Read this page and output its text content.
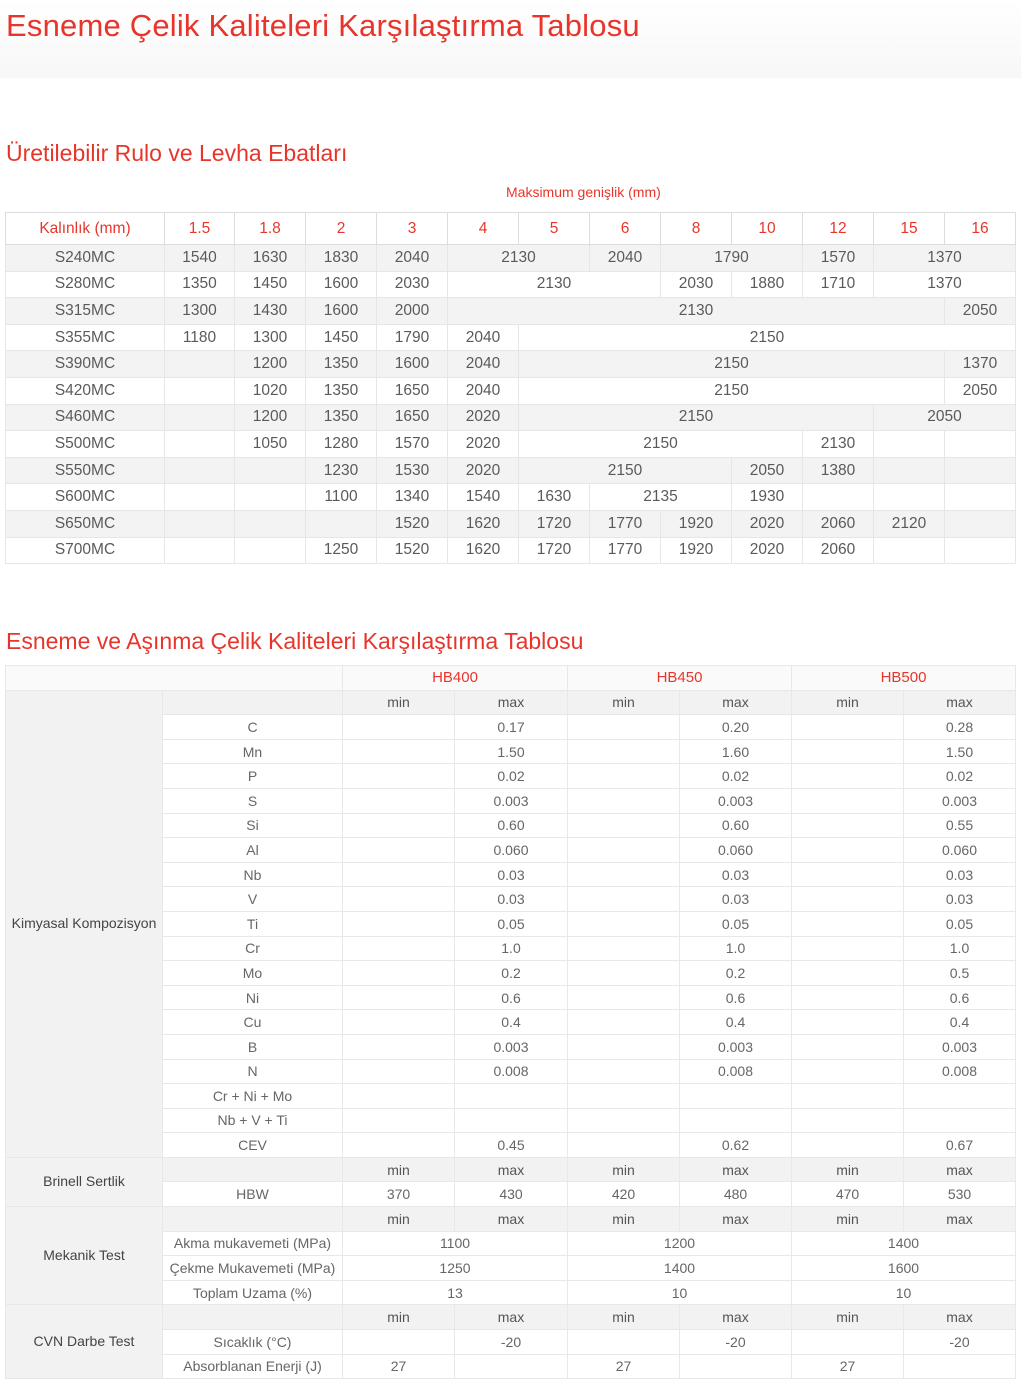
Esneme Çelik Kaliteleri Karşılaştırma Tablosu
Üretilebilir Rulo ve Levha Ebatları
Maksimum genişlik (mm)
Kalınlık (mm)	1.5	1.8	2	3	4	5	6	8	10	12	15	16
S240MC	1540	1630	1830	2040	2130		2040	1790		1570	1370	
S280MC	1350	1450	1600	2030	2130			2030	1880	1710	1370	
S315MC	1300	1430	1600	2000	2130							2050
S355MC	1180	1300	1450	1790	2040	2150						
S390MC		1200	1350	1600	2040	2150						1370
S420MC		1020	1350	1650	2040	2150						2050
S460MC		1200	1350	1650	2020	2150					2050	
S500MC		1050	1280	1570	2020	2150				2130		
S550MC			1230	1530	2020	2150			2050	1380		
S600MC			1100	1340	1540	1630	2135		1930			
S650MC				1520	1620	1720	1770	1920	2020	2060	2120	
S700MC			1250	1520	1620	1720	1770	1920	2020	2060		
Esneme ve Aşınma Çelik Kaliteleri Karşılaştırma Tablosu
		HB400		HB450		HB500	
Kimyasal Kompozisyon		min	max	min	max	min	max
	C		0.17		0.20		0.28
	Mn		1.50		1.60		1.50
	P		0.02		0.02		0.02
	S		0.003		0.003		0.003
	Si		0.60		0.60		0.55
	Al		0.060		0.060		0.060
	Nb		0.03		0.03		0.03
	V		0.03		0.03		0.03
	Ti		0.05		0.05		0.05
	Cr		1.0		1.0		1.0
	Mo		0.2		0.2		0.5
	Ni		0.6		0.6		0.6
	Cu		0.4		0.4		0.4
	B		0.003		0.003		0.003
	N		0.008		0.008		0.008
	Cr + Ni + Mo						
	Nb + V + Ti						
	CEV		0.45		0.62		0.67
Brinell Sertlik		min	max	min	max	min	max
	HBW	370	430	420	480	470	530
Mekanik Test		min	max	min	max	min	max
	Akma mukavemeti (MPa)	1100		1200		1400	
	Çekme Mukavemeti (MPa)	1250		1400		1600	
	Toplam Uzama (%)	13		10		10	
CVN Darbe Test		min	max	min	max	min	max
	Sıcaklık (°C)		-20		-20		-20
	Absorblanan Enerji (J)	27		27		27	
